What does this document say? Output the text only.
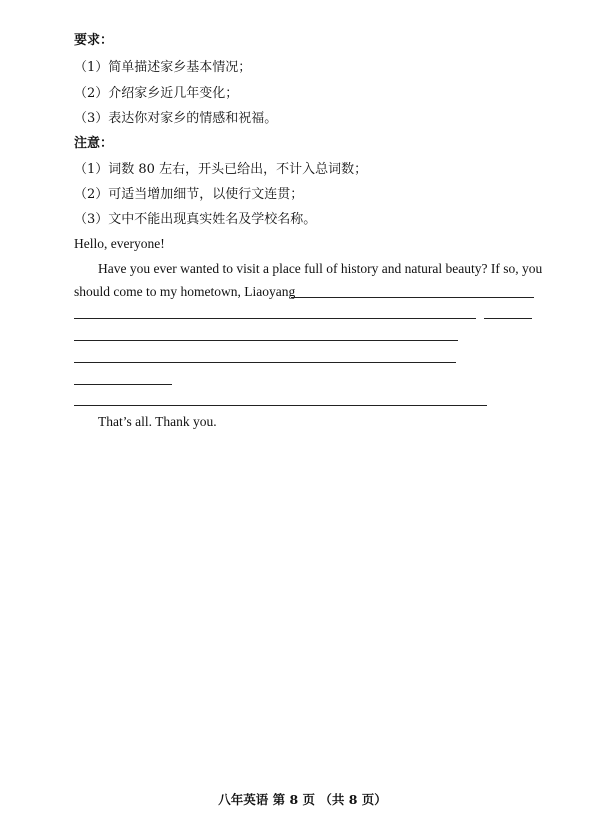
要求：
（1）简单描述家乡基本情况；
（2）介绍家乡近几年变化；
（3）表达你对家乡的情感和祝福。
注意：
（1）词数 80 左右，开头已给出，不计入总词数；
（2）可适当增加细节，以使行文连贯；
（3）文中不能出现真实姓名及学校名称。
Hello, everyone!
Have you ever wanted to visit a place full of history and natural beauty? If so, you
should come to my hometown, Liaoyang
That’s all. Thank you.
八年英语 第 8 页 （共 8 页）
